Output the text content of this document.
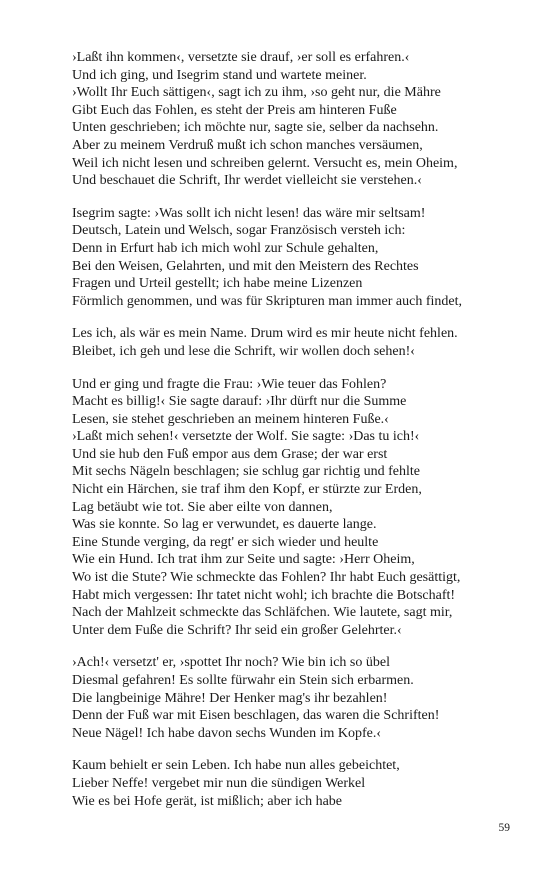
›Laßt ihn kommen‹, versetzte sie drauf, ›er soll es erfahren.‹
Und ich ging, und Isegrim stand und wartete meiner.
›Wollt Ihr Euch sättigen‹, sagt ich zu ihm, ›so geht nur, die Mähre
Gibt Euch das Fohlen, es steht der Preis am hinteren Fuße
Unten geschrieben; ich möchte nur, sagte sie, selber da nachsehn.
Aber zu meinem Verdruß mußt ich schon manches versäumen,
Weil ich nicht lesen und schreiben gelernt. Versucht es, mein Oheim,
Und beschauet die Schrift, Ihr werdet vielleicht sie verstehen.‹
Isegrim sagte: ›Was sollt ich nicht lesen! das wäre mir seltsam!
Deutsch, Latein und Welsch, sogar Französisch versteh ich:
Denn in Erfurt hab ich mich wohl zur Schule gehalten,
Bei den Weisen, Gelahrten, und mit den Meistern des Rechtes
Fragen und Urteil gestellt; ich habe meine Lizenzen
Förmlich genommen, und was für Skripturen man immer auch findet,
Les ich, als wär es mein Name. Drum wird es mir heute nicht fehlen.
Bleibet, ich geh und lese die Schrift, wir wollen doch sehen!‹
Und er ging und fragte die Frau: ›Wie teuer das Fohlen?
Macht es billig!‹ Sie sagte darauf: ›Ihr dürft nur die Summe
Lesen, sie stehet geschrieben an meinem hinteren Fuße.‹
›Laßt mich sehen!‹ versetzte der Wolf. Sie sagte: ›Das tu ich!‹
Und sie hub den Fuß empor aus dem Grase; der war erst
Mit sechs Nägeln beschlagen; sie schlug gar richtig und fehlte
Nicht ein Härchen, sie traf ihm den Kopf, er stürzte zur Erden,
Lag betäubt wie tot. Sie aber eilte von dannen,
Was sie konnte. So lag er verwundet, es dauerte lange.
Eine Stunde verging, da regt' er sich wieder und heulte
Wie ein Hund. Ich trat ihm zur Seite und sagte: ›Herr Oheim,
Wo ist die Stute? Wie schmeckte das Fohlen? Ihr habt Euch gesättigt,
Habt mich vergessen: Ihr tatet nicht wohl; ich brachte die Botschaft!
Nach der Mahlzeit schmeckte das Schläfchen. Wie lautete, sagt mir,
Unter dem Fuße die Schrift? Ihr seid ein großer Gelehrter.‹
›Ach!‹ versetzt' er, ›spottet Ihr noch? Wie bin ich so übel
Diesmal gefahren! Es sollte fürwahr ein Stein sich erbarmen.
Die langbeinige Mähre! Der Henker mag's ihr bezahlen!
Denn der Fuß war mit Eisen beschlagen, das waren die Schriften!
Neue Nägel! Ich habe davon sechs Wunden im Kopfe.‹
Kaum behielt er sein Leben. Ich habe nun alles gebeichtet,
Lieber Neffe! vergebet mir nun die sündigen Werkel
Wie es bei Hofe gerät, ist mißlich; aber ich habe
59
